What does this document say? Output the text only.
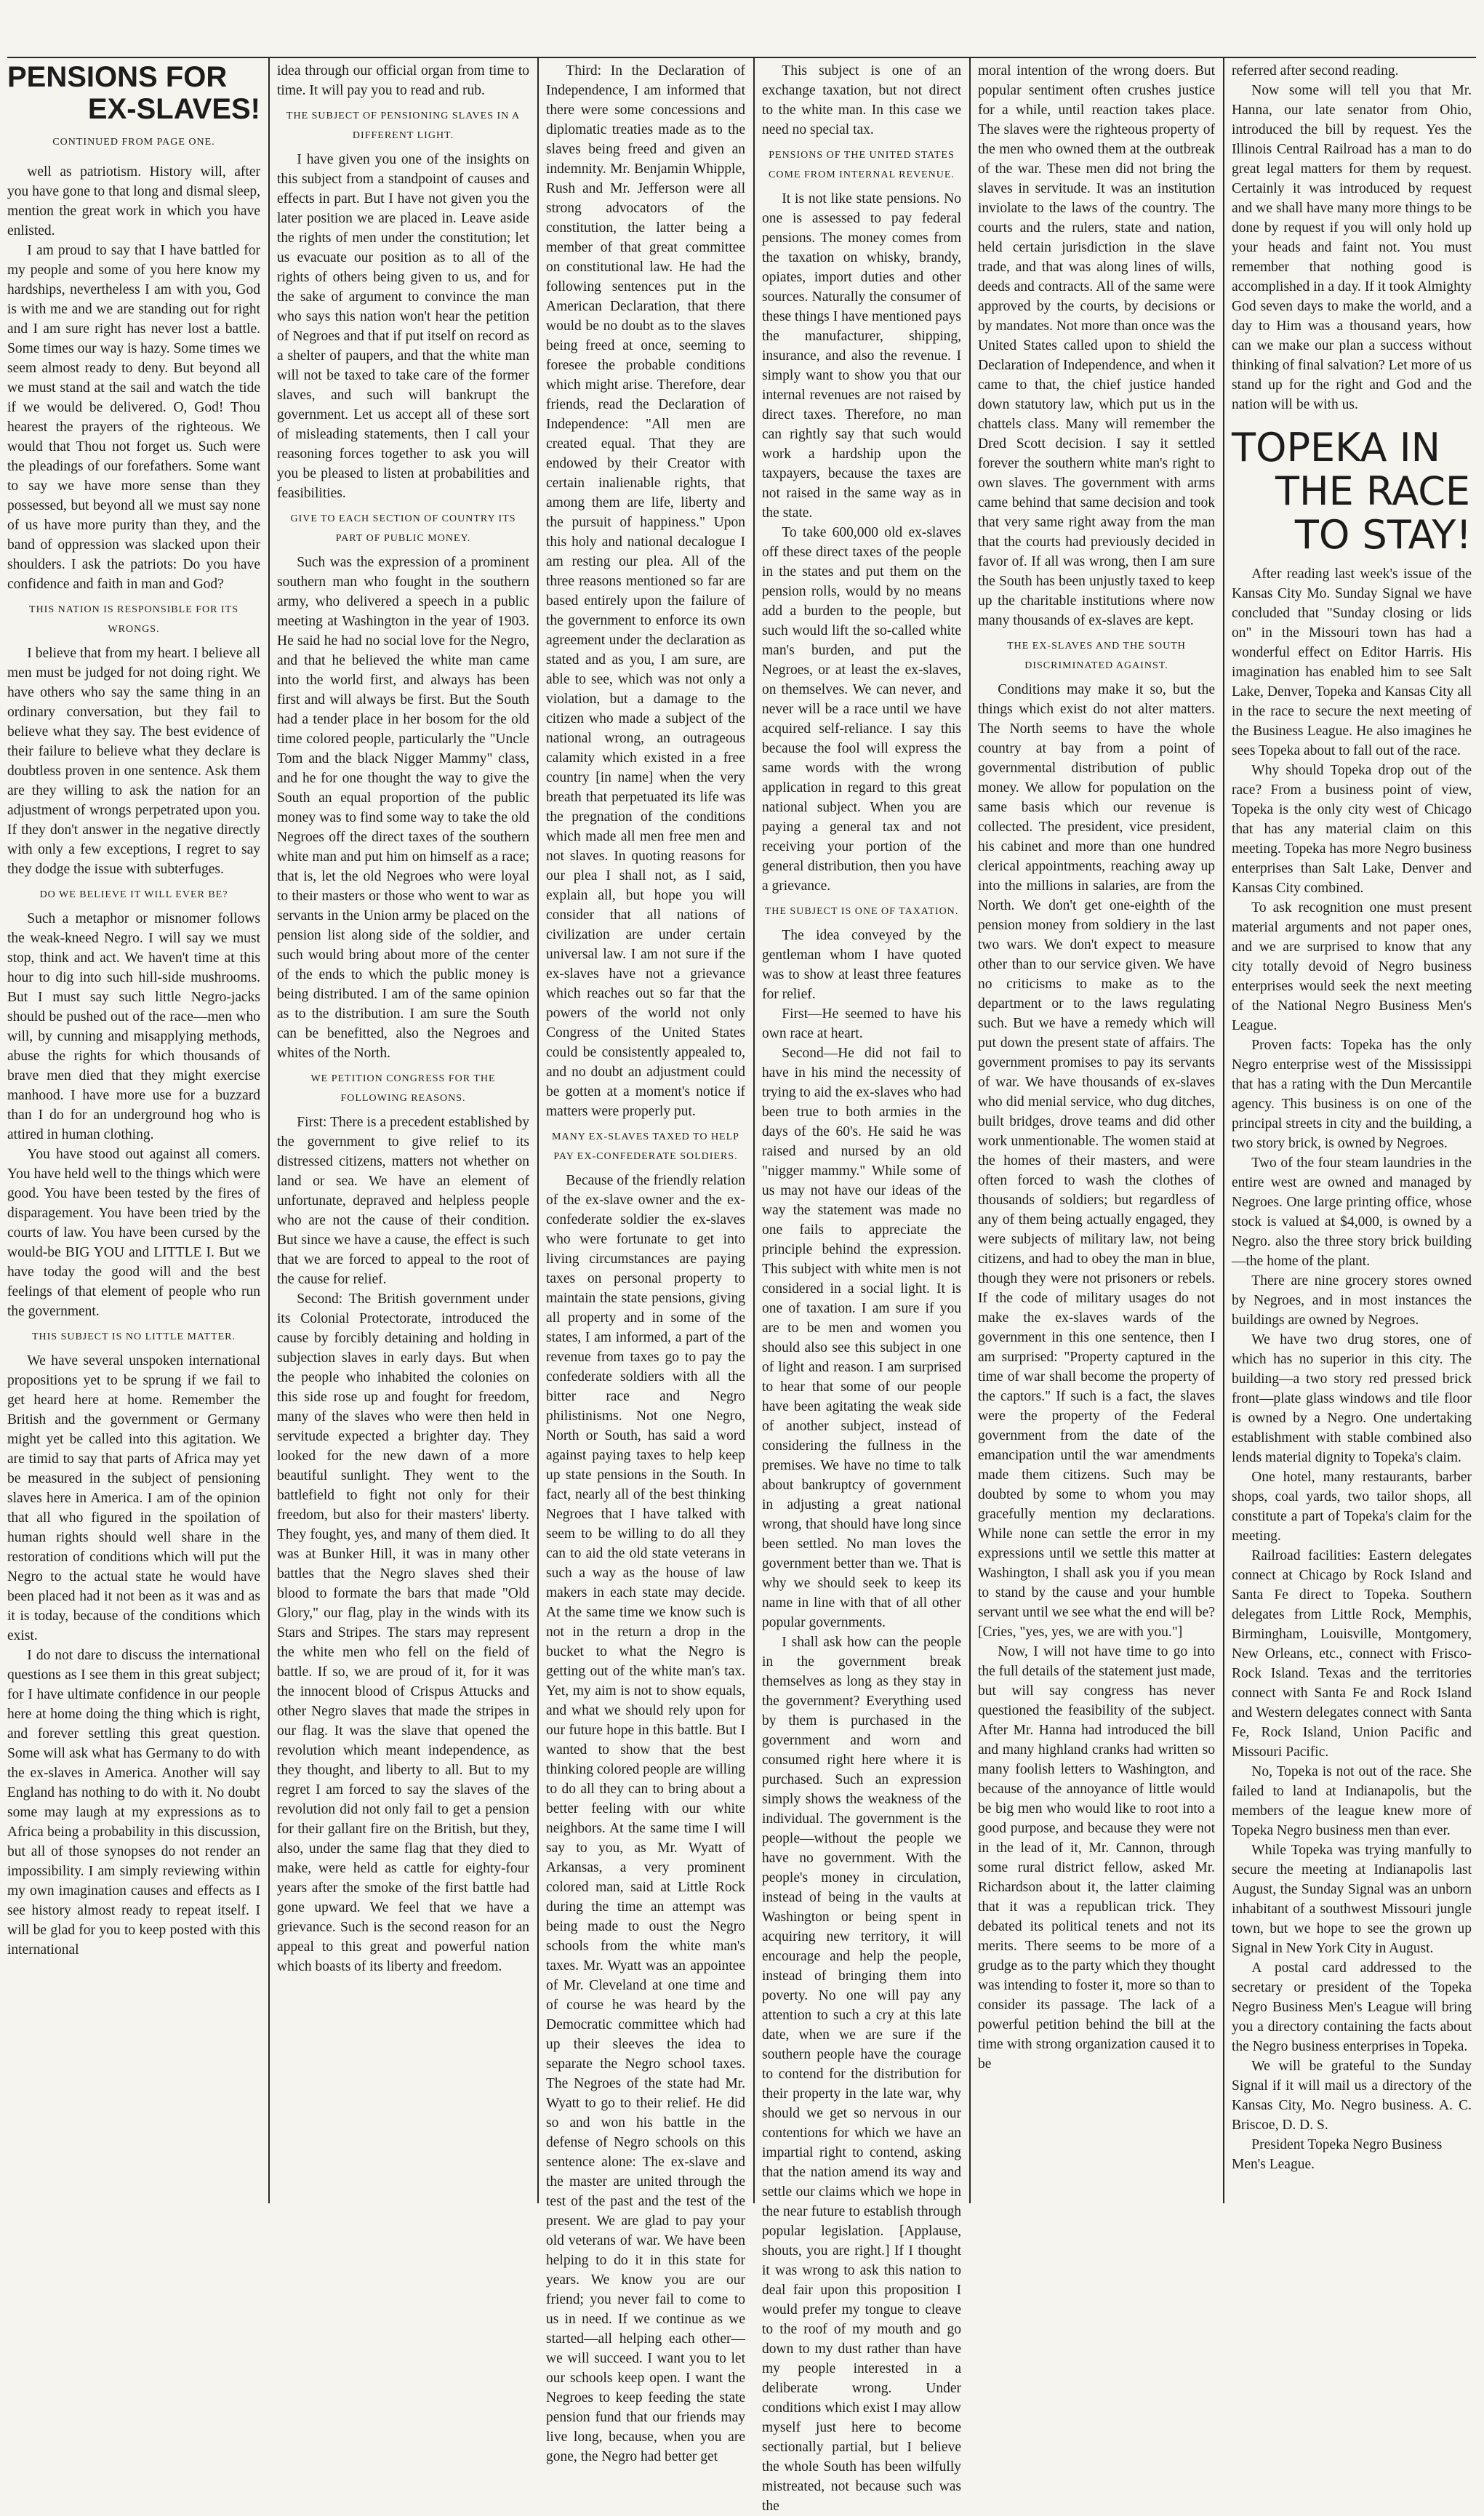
PENSIONS FOR

EX-SLAVES!

CONTINUED FROM PAGE ONE.

well as patriotism. History will, after you have gone to that long and dismal sleep, mention the great work in which you have enlisted.

I am proud to say that I have battled for my people and some of you here know my hardships, nevertheless I am with you, God is with me and we are standing out for right and I am sure right has never lost a battle. Some times our way is hazy. Some times we seem almost ready to deny. But beyond all we must stand at the sail and watch the tide if we would be delivered. O, God! Thou hearest the prayers of the righteous. We would that Thou not forget us. Such were the pleadings of our forefathers. Some want to say we have more sense than they possessed, but beyond all we must say none of us have more purity than they, and the band of oppression was slacked upon their shoulders. I ask the patriots: Do you have confidence and faith in man and God?

THIS NATION IS RESPONSIBLE FOR ITS WRONGS.

I believe that from my heart. I believe all men must be judged for not doing right. We have others who say the same thing in an ordinary conversation, but they fail to believe what they say. The best evidence of their failure to believe what they declare is doubtless proven in one sentence. Ask them are they willing to ask the nation for an adjustment of wrongs perpetrated upon you. If they don't answer in the negative directly with only a few exceptions, I regret to say they dodge the issue with subterfuges.

DO WE BELIEVE IT WILL EVER BE?

Such a metaphor or misnomer follows the weak-kneed Negro. I will say we must stop, think and act. We haven't time at this hour to dig into such hill-side mushrooms. But I must say such little Negro-jacks should be pushed out of the race—men who will, by cunning and misapplying methods, abuse the rights for which thousands of brave men died that they might exercise manhood. I have more use for a buzzard than I do for an underground hog who is attired in human clothing.

You have stood out against all comers. You have held well to the things which were good. You have been tested by the fires of disparagement. You have been tried by the courts of law. You have been cursed by the would-be BIG YOU and LITTLE I. But we have today the good will and the best feelings of that element of people who run the government.

THIS SUBJECT IS NO LITTLE MATTER.

We have several unspoken international propositions yet to be sprung if we fail to get heard here at home. Remember the British and the government or Germany might yet be called into this agitation. We are timid to say that parts of Africa may yet be measured in the subject of pensioning slaves here in America. I am of the opinion that all who figured in the spoilation of human rights should well share in the restoration of conditions which will put the Negro to the actual state he would have been placed had it not been as it was and as it is today, because of the conditions which exist.

I do not dare to discuss the international questions as I see them in this great subject; for I have ultimate confidence in our people here at home doing the thing which is right, and forever settling this great question. Some will ask what has Germany to do with the ex-slaves in America. Another will say England has nothing to do with it. No doubt some may laugh at my expressions as to Africa being a probability in this discussion, but all of those synopses do not render an impossibility. I am simply reviewing within my own imagination causes and effects as I see history almost ready to repeat itself. I will be glad for you to keep posted with this international

idea through our official organ from time to time. It will pay you to read and rub.

THE SUBJECT OF PENSIONING SLAVES IN A DIFFERENT LIGHT.

I have given you one of the insights on this subject from a standpoint of causes and effects in part. But I have not given you the later position we are placed in. Leave aside the rights of men under the constitution; let us evacuate our position as to all of the rights of others being given to us, and for the sake of argument to convince the man who says this nation won't hear the petition of Negroes and that if put itself on record as a shelter of paupers, and that the white man will not be taxed to take care of the former slaves, and such will bankrupt the government. Let us accept all of these sort of misleading statements, then I call your reasoning forces together to ask you will you be pleased to listen at probabilities and feasibilities.

GIVE TO EACH SECTION OF COUNTRY ITS PART OF PUBLIC MONEY.

Such was the expression of a prominent southern man who fought in the southern army, who delivered a speech in a public meeting at Washington in the year of 1903. He said he had no social love for the Negro, and that he believed the white man came into the world first, and always has been first and will always be first. But the South had a tender place in her bosom for the old time colored people, particularly the "Uncle Tom and the black Nigger Mammy" class, and he for one thought the way to give the South an equal proportion of the public money was to find some way to take the old Negroes off the direct taxes of the southern white man and put him on himself as a race; that is, let the old Negroes who were loyal to their masters or those who went to war as servants in the Union army be placed on the pension list along side of the soldier, and such would bring about more of the center of the ends to which the public money is being distributed. I am of the same opinion as to the distribution. I am sure the South can be benefitted, also the Negroes and whites of the North.

WE PETITION CONGRESS FOR THE FOLLOWING REASONS.

First: There is a precedent established by the government to give relief to its distressed citizens, matters not whether on land or sea. We have an element of unfortunate, depraved and helpless people who are not the cause of their condition. But since we have a cause, the effect is such that we are forced to appeal to the root of the cause for relief.

Second: The British government under its Colonial Protectorate, introduced the cause by forcibly detaining and holding in subjection slaves in early days. But when the people who inhabited the colonies on this side rose up and fought for freedom, many of the slaves who were then held in servitude expected a brighter day. They looked for the new dawn of a more beautiful sunlight. They went to the battlefield to fight not only for their freedom, but also for their masters' liberty. They fought, yes, and many of them died. It was at Bunker Hill, it was in many other battles that the Negro slaves shed their blood to formate the bars that made "Old Glory," our flag, play in the winds with its Stars and Stripes. The stars may represent the white men who fell on the field of battle. If so, we are proud of it, for it was the innocent blood of Crispus Attucks and other Negro slaves that made the stripes in our flag. It was the slave that opened the revolution which meant independence, as they thought, and liberty to all. But to my regret I am forced to say the slaves of the revolution did not only fail to get a pension for their gallant fire on the British, but they, also, under the same flag that they died to make, were held as cattle for eighty-four years after the smoke of the first battle had gone upward. We feel that we have a grievance. Such is the second reason for an appeal to this great and powerful nation which boasts of its liberty and freedom.

Third: In the Declaration of Independence, I am informed that there were some concessions and diplomatic treaties made as to the slaves being freed and given an indemnity. Mr. Benjamin Whipple, Rush and Mr. Jefferson were all strong advocators of the constitution, the latter being a member of that great committee on constitutional law. He had the following sentences put in the American Declaration, that there would be no doubt as to the slaves being freed at once, seeming to foresee the probable conditions which might arise. Therefore, dear friends, read the Declaration of Independence: "All men are created equal. That they are endowed by their Creator with certain inalienable rights, that among them are life, liberty and the pursuit of happiness." Upon this holy and national decalogue I am resting our plea. All of the three reasons mentioned so far are based entirely upon the failure of the government to enforce its own agreement under the declaration as stated and as you, I am sure, are able to see, which was not only a violation, but a damage to the citizen who made a subject of the national wrong, an outrageous calamity which existed in a free country [in name] when the very breath that perpetuated its life was the pregnation of the conditions which made all men free men and not slaves. In quoting reasons for our plea I shall not, as I said, explain all, but hope you will consider that all nations of civilization are under certain universal law. I am not sure if the ex-slaves have not a grievance which reaches out so far that the powers of the world not only Congress of the United States could be consistently appealed to, and no doubt an adjustment could be gotten at a moment's notice if matters were properly put.

MANY EX-SLAVES TAXED TO HELP PAY EX-CONFEDERATE SOLDIERS.

Because of the friendly relation of the ex-slave owner and the ex-confederate soldier the ex-slaves who were fortunate to get into living circumstances are paying taxes on personal property to maintain the state pensions, giving all property and in some of the states, I am informed, a part of the revenue from taxes go to pay the confederate soldiers with all the bitter race and Negro philistinisms. Not one Negro, North or South, has said a word against paying taxes to help keep up state pensions in the South. In fact, nearly all of the best thinking Negroes that I have talked with seem to be willing to do all they can to aid the old state veterans in such a way as the house of law makers in each state may decide. At the same time we know such is not in the return a drop in the bucket to what the Negro is getting out of the white man's tax. Yet, my aim is not to show equals, and what we should rely upon for our future hope in this battle. But I wanted to show that the best thinking colored people are willing to do all they can to bring about a better feeling with our white neighbors. At the same time I will say to you, as Mr. Wyatt of Arkansas, a very prominent colored man, said at Little Rock during the time an attempt was being made to oust the Negro schools from the white man's taxes. Mr. Wyatt was an appointee of Mr. Cleveland at one time and of course he was heard by the Democratic committee which had up their sleeves the idea to separate the Negro school taxes. The Negroes of the state had Mr. Wyatt to go to their relief. He did so and won his battle in the defense of Negro schools on this sentence alone: The ex-slave and the master are united through the test of the past and the test of the present. We are glad to pay your old veterans of war. We have been helping to do it in this state for years. We know you are our friend; you never fail to come to us in need. If we continue as we started—all helping each other—we will succeed. I want you to let our schools keep open. I want the Negroes to keep feeding the state pension fund that our friends may live long, because, when you are gone, the Negro had better get

This subject is one of an exchange taxation, but not direct to the white man. In this case we need no special tax.

PENSIONS OF THE UNITED STATES COME FROM INTERNAL REVENUE.

It is not like state pensions. No one is assessed to pay federal pensions. The money comes from the taxation on whisky, brandy, opiates, import duties and other sources. Naturally the consumer of these things I have mentioned pays the manufacturer, shipping, insurance, and also the revenue. I simply want to show you that our internal revenues are not raised by direct taxes. Therefore, no man can rightly say that such would work a hardship upon the taxpayers, because the taxes are not raised in the same way as in the state.

To take 600,000 old ex-slaves off these direct taxes of the people in the states and put them on the pension rolls, would by no means add a burden to the people, but such would lift the so-called white man's burden, and put the Negroes, or at least the ex-slaves, on themselves. We can never, and never will be a race until we have acquired self-reliance. I say this because the fool will express the same words with the wrong application in regard to this great national subject. When you are paying a general tax and not receiving your portion of the general distribution, then you have a grievance.

THE SUBJECT IS ONE OF TAXATION.

The idea conveyed by the gentleman whom I have quoted was to show at least three features for relief.

First—He seemed to have his own race at heart.

Second—He did not fail to have in his mind the necessity of trying to aid the ex-slaves who had been true to both armies in the days of the 60's. He said he was raised and nursed by an old "nigger mammy." While some of us may not have our ideas of the way the statement was made no one fails to appreciate the principle behind the expression. This subject with white men is not considered in a social light. It is one of taxation. I am sure if you are to be men and women you should also see this subject in one of light and reason. I am surprised to hear that some of our people have been agitating the weak side of another subject, instead of considering the fullness in the premises. We have no time to talk about bankruptcy of government in adjusting a great national wrong, that should have long since been settled. No man loves the government better than we. That is why we should seek to keep its name in line with that of all other popular governments.

I shall ask how can the people in the government break themselves as long as they stay in the government? Everything used by them is purchased in the government and worn and consumed right here where it is purchased. Such an expression simply shows the weakness of the individual. The government is the people—without the people we have no government. With the people's money in circulation, instead of being in the vaults at Washington or being spent in acquiring new territory, it will encourage and help the people, instead of bringing them into poverty. No one will pay any attention to such a cry at this late date, when we are sure if the southern people have the courage to contend for the distribution for their property in the late war, why should we get so nervous in our contentions for which we have an impartial right to contend, asking that the nation amend its way and settle our claims which we hope in the near future to establish through popular legislation. [Applause, shouts, you are right.] If I thought it was wrong to ask this nation to deal fair upon this proposition I would prefer my tongue to cleave to the roof of my mouth and go down to my dust rather than have my people interested in a deliberate wrong. Under conditions which exist I may allow myself just here to become sectionally partial, but I believe the whole South has been wilfully mistreated, not because such was the

moral intention of the wrong doers. But popular sentiment often crushes justice for a while, until reaction takes place. The slaves were the righteous property of the men who owned them at the outbreak of the war. These men did not bring the slaves in servitude. It was an institution inviolate to the laws of the country. The courts and the rulers, state and nation, held certain jurisdiction in the slave trade, and that was along lines of wills, deeds and contracts. All of the same were approved by the courts, by decisions or by mandates. Not more than once was the United States called upon to shield the Declaration of Independence, and when it came to that, the chief justice handed down statutory law, which put us in the chattels class. Many will remember the Dred Scott decision. I say it settled forever the southern white man's right to own slaves. The government with arms came behind that same decision and took that very same right away from the man that the courts had previously decided in favor of. If all was wrong, then I am sure the South has been unjustly taxed to keep up the charitable institutions where now many thousands of ex-slaves are kept.

THE EX-SLAVES AND THE SOUTH DISCRIMINATED AGAINST.

Conditions may make it so, but the things which exist do not alter matters. The North seems to have the whole country at bay from a point of governmental distribution of public money. We allow for population on the same basis which our revenue is collected. The president, vice president, his cabinet and more than one hundred clerical appointments, reaching away up into the millions in salaries, are from the North. We don't get one-eighth of the pension money from soldiery in the last two wars. We don't expect to measure other than to our service given. We have no criticisms to make as to the department or to the laws regulating such. But we have a remedy which will put down the present state of affairs. The government promises to pay its servants of war. We have thousands of ex-slaves who did menial service, who dug ditches, built bridges, drove teams and did other work unmentionable. The women staid at the homes of their masters, and were often forced to wash the clothes of thousands of soldiers; but regardless of any of them being actually engaged, they were subjects of military law, not being citizens, and had to obey the man in blue, though they were not prisoners or rebels. If the code of military usages do not make the ex-slaves wards of the government in this one sentence, then I am surprised: "Property captured in the time of war shall become the property of the captors." If such is a fact, the slaves were the property of the Federal government from the date of the emancipation until the war amendments made them citizens. Such may be doubted by some to whom you may gracefully mention my declarations. While none can settle the error in my expressions until we settle this matter at Washington, I shall ask you if you mean to stand by the cause and your humble servant until we see what the end will be? [Cries, "yes, yes, we are with you."]

Now, I will not have time to go into the full details of the statement just made, but will say congress has never questioned the feasibility of the subject. After Mr. Hanna had introduced the bill and many highland cranks had written so many foolish letters to Washington, and because of the annoyance of little would be big men who would like to root into a good purpose, and because they were not in the lead of it, Mr. Cannon, through some rural district fellow, asked Mr. Richardson about it, the latter claiming that it was a republican trick. They debated its political tenets and not its merits. There seems to be more of a grudge as to the party which they thought was intending to foster it, more so than to consider its passage. The lack of a powerful petition behind the bill at the time with strong organization caused it to be

referred after second reading.

Now some will tell you that Mr. Hanna, our late senator from Ohio, introduced the bill by request. Yes the Illinois Central Railroad has a man to do great legal matters for them by request. Certainly it was introduced by request and we shall have many more things to be done by request if you will only hold up your heads and faint not. You must remember that nothing good is accomplished in a day. If it took Almighty God seven days to make the world, and a day to Him was a thousand years, how can we make our plan a success without thinking of final salvation? Let more of us stand up for the right and God and the nation will be with us.

TOPEKA IN

THE RACE

TO STAY!

After reading last week's issue of the Kansas City Mo. Sunday Signal we have concluded that "Sunday closing or lids on" in the Missouri town has had a wonderful effect on Editor Harris. His imagination has enabled him to see Salt Lake, Denver, Topeka and Kansas City all in the race to secure the next meeting of the Business League. He also imagines he sees Topeka about to fall out of the race.

Why should Topeka drop out of the race? From a business point of view, Topeka is the only city west of Chicago that has any material claim on this meeting. Topeka has more Negro business enterprises than Salt Lake, Denver and Kansas City combined.

To ask recognition one must present material arguments and not paper ones, and we are surprised to know that any city totally devoid of Negro business enterprises would seek the next meeting of the National Negro Business Men's League.

Proven facts: Topeka has the only Negro enterprise west of the Mississippi that has a rating with the Dun Mercantile agency. This business is on one of the principal streets in city and the building, a two story brick, is owned by Negroes.

Two of the four steam laundries in the entire west are owned and managed by Negroes. One large printing office, whose stock is valued at $4,000, is owned by a Negro. also the three story brick building—the home of the plant.

There are nine grocery stores owned by Negroes, and in most instances the buildings are owned by Negroes.

We have two drug stores, one of which has no superior in this city. The building—a two story red pressed brick front—plate glass windows and tile floor is owned by a Negro. One undertaking establishment with stable combined also lends material dignity to Topeka's claim.

One hotel, many restaurants, barber shops, coal yards, two tailor shops, all constitute a part of Topeka's claim for the meeting.

Railroad facilities: Eastern delegates connect at Chicago by Rock Island and Santa Fe direct to Topeka. Southern delegates from Little Rock, Memphis, Birmingham, Louisville, Montgomery, New Orleans, etc., connect with Frisco-Rock Island. Texas and the territories connect with Santa Fe and Rock Island and Western delegates connect with Santa Fe, Rock Island, Union Pacific and Missouri Pacific.

No, Topeka is not out of the race. She failed to land at Indianapolis, but the members of the league knew more of Topeka Negro business men than ever.

While Topeka was trying manfully to secure the meeting at Indianapolis last August, the Sunday Signal was an unborn inhabitant of a southwest Missouri jungle town, but we hope to see the grown up Signal in New York City in August.

A postal card addressed to the secretary or president of the Topeka Negro Business Men's League will bring you a directory containing the facts about the Negro business enterprises in Topeka.

We will be grateful to the Sunday Signal if it will mail us a directory of the Kansas City, Mo. Negro business. A. C. Briscoe, D. D. S.

President Topeka Negro Business Men's League.
